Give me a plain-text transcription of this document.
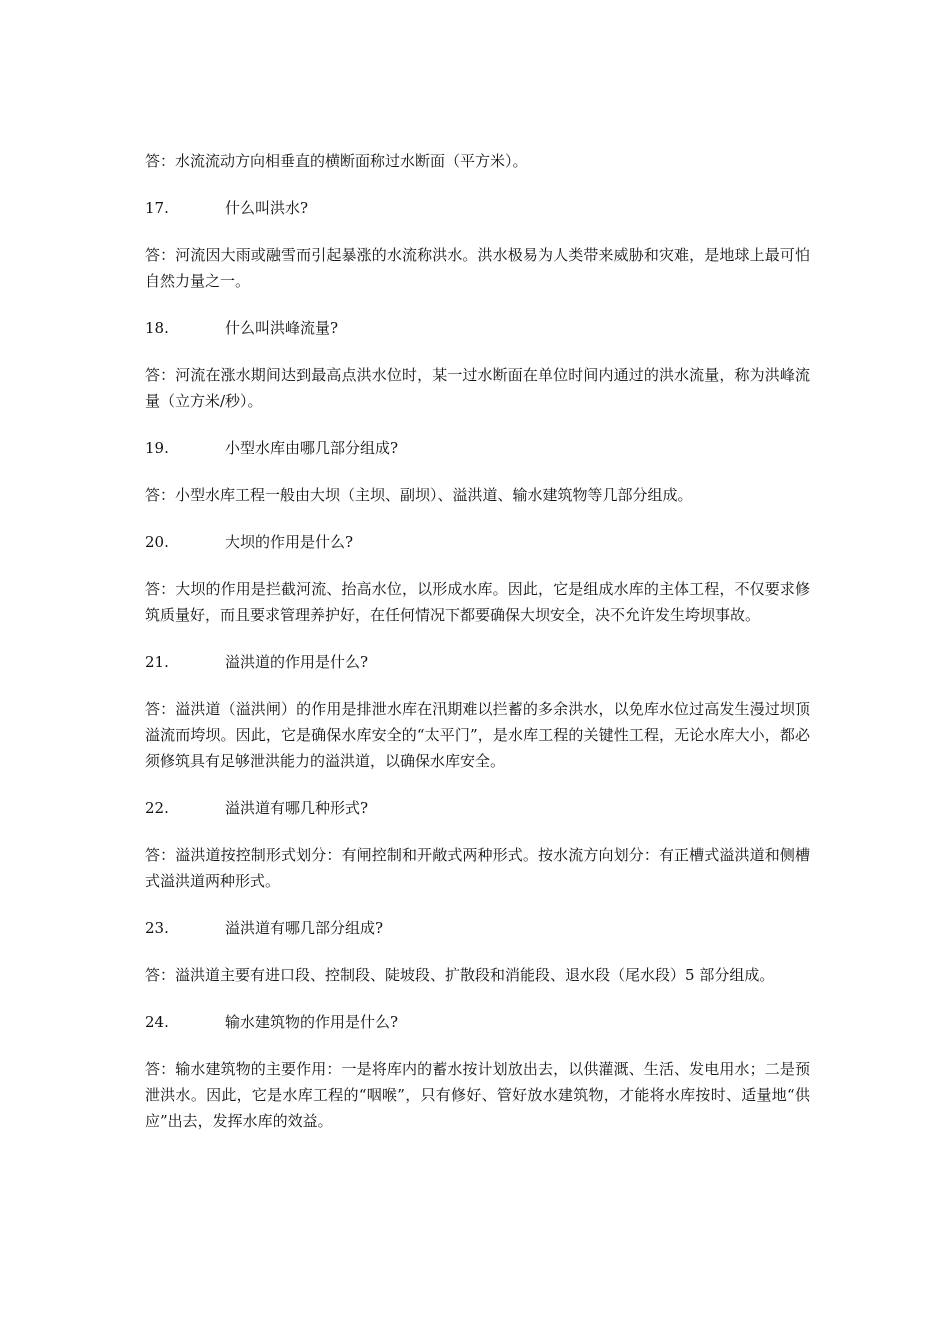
答：水流流动方向相垂直的横断面称过水断面（平方米）。

17.	什么叫洪水?

答：河流因大雨或融雪而引起暴涨的水流称洪水。洪水极易为人类带来威胁和灾难，是地球上最可怕自然力量之一。

18.	什么叫洪峰流量?

答：河流在涨水期间达到最高点洪水位时，某一过水断面在单位时间内通过的洪水流量，称为洪峰流量（立方米/秒）。

19.	小型水库由哪几部分组成?

答：小型水库工程一般由大坝（主坝、副坝）、溢洪道、输水建筑物等几部分组成。

20.	大坝的作用是什么?

答：大坝的作用是拦截河流、抬高水位，以形成水库。因此，它是组成水库的主体工程，不仅要求修筑质量好，而且要求管理养护好，在任何情况下都要确保大坝安全，决不允许发生垮坝事故。

21.	溢洪道的作用是什么?

答：溢洪道（溢洪闸）的作用是排泄水库在汛期难以拦蓄的多余洪水，以免库水位过高发生漫过坝顶溢流而垮坝。因此，它是确保水库安全的“太平门”，是水库工程的关键性工程，无论水库大小，都必须修筑具有足够泄洪能力的溢洪道，以确保水库安全。

22.	溢洪道有哪几种形式?

答：溢洪道按控制形式划分：有闸控制和开敞式两种形式。按水流方向划分：有正槽式溢洪道和侧槽式溢洪道两种形式。

23.	溢洪道有哪几部分组成?

答：溢洪道主要有进口段、控制段、陡坡段、扩散段和消能段、退水段（尾水段）5 部分组成。

24.	输水建筑物的作用是什么?

答：输水建筑物的主要作用：一是将库内的蓄水按计划放出去，以供灌溉、生活、发电用水；二是预泄洪水。因此，它是水库工程的“咽喉”，只有修好、管好放水建筑物，才能将水库按时、适量地“供应”出去，发挥水库的效益。
